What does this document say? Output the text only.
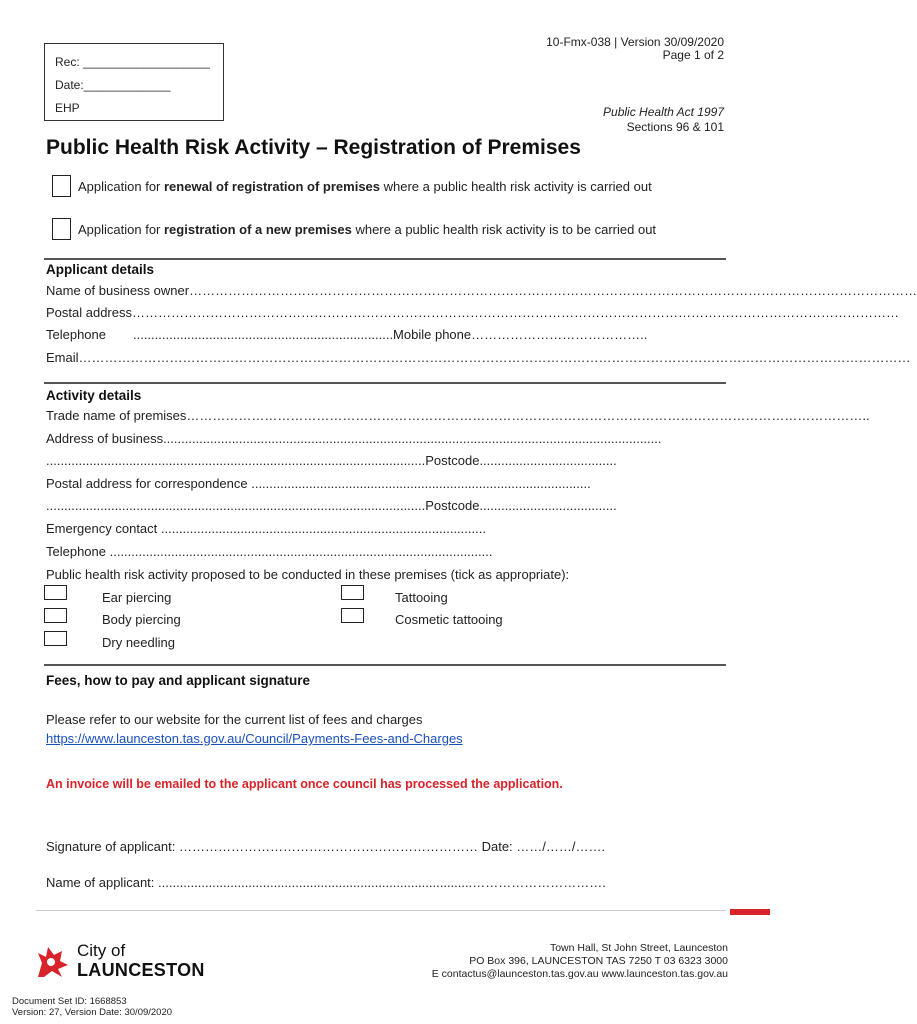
10-Fmx-038 | Version 30/09/2020
Page 1 of 2
Public Health Act 1997
Sections 96 & 101
Rec: ___________________
Date:_____________
EHP
Public Health Risk Activity – Registration of Premises
Application for renewal of registration of premises where a public health risk activity is carried out
Application for registration of a new premises where a public health risk activity is to be carried out
Applicant details
Name of business owner……………………………………………………………………………………………………………………………………………………
Postal address……………………………………………………………………………………………………………………………………………………………
Telephone ........................................................................Mobile phone…………………………………..
Email…………………………………………………………………………………………………………………………………………………………………………
Activity details
Trade name of premises…………………………………………………………………………………………………………………………………………..
Address of business..........................................................................................................................................
.........................................................................................................Postcode......................................
Postal address for correspondence ..............................................................................................
.........................................................................................................Postcode......................................
Emergency contact ..........................................................................................
Telephone ..........................................................................................................
Public health risk activity proposed to be conducted in these premises (tick as appropriate):
Ear piercing	Tattooing
Body piercing	Cosmetic tattooing
Dry needling
Fees, how to pay and applicant signature
Please refer to our website for the current list of fees and charges
https://www.launceston.tas.gov.au/Council/Payments-Fees-and-Charges
An invoice will be emailed to the applicant once council has processed the application.
Signature of applicant: …………………………………………………………… Date: ……/……/…….
Name of applicant: .......................................................................................………………………….
City of
LAUNCESTON
Town Hall, St John Street, Launceston
PO Box 396, LAUNCESTON TAS 7250 T 03 6323 3000
E contactus@launceston.tas.gov.au www.launceston.tas.gov.au
Document Set ID: 1668853
Version: 27, Version Date: 30/09/2020
